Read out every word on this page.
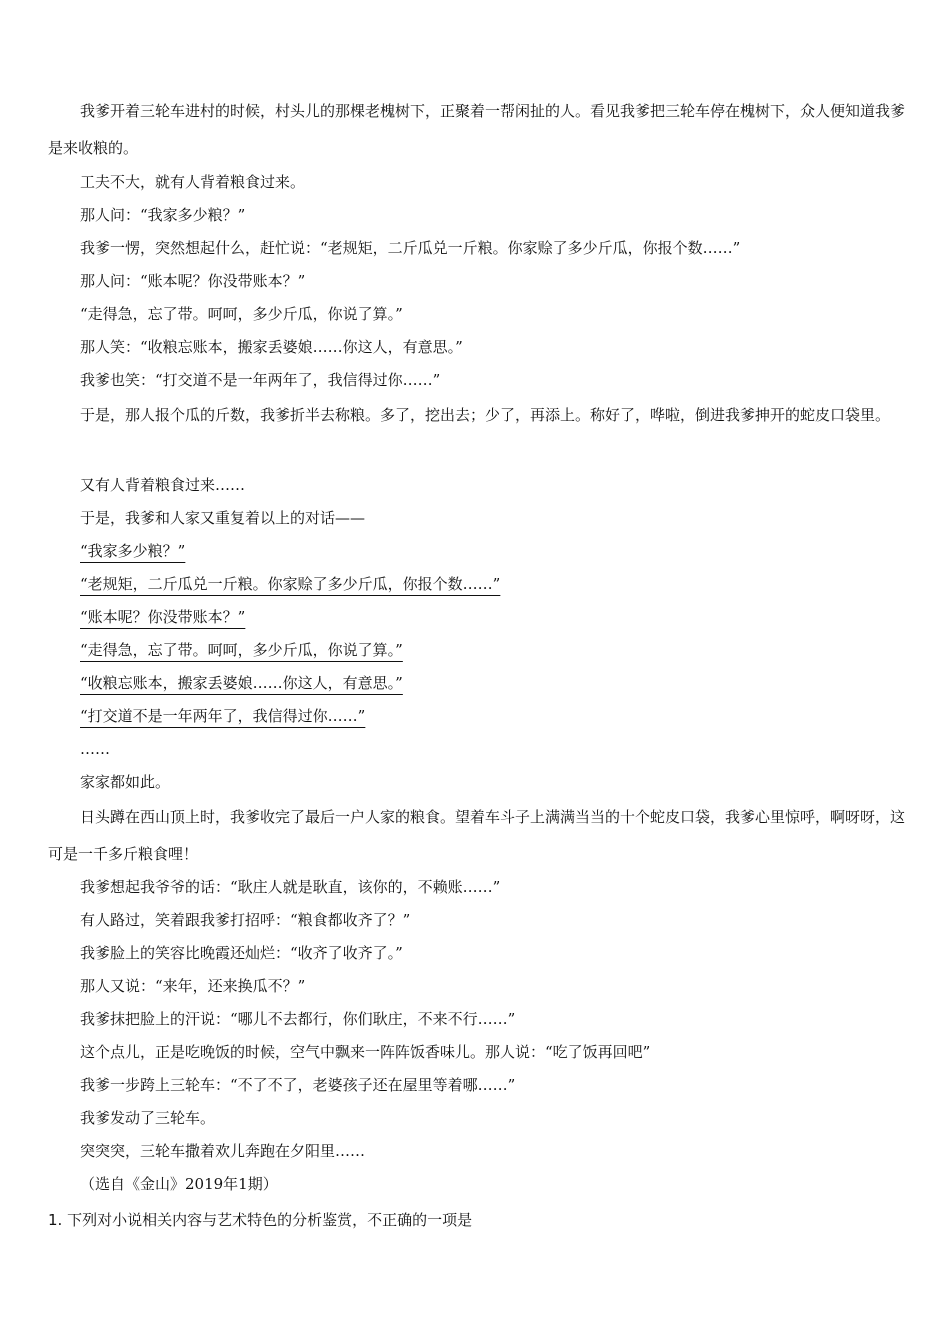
我爹开着三轮车进村的时候，村头儿的那棵老槐树下，正聚着一帮闲扯的人。看见我爹把三轮车停在槐树下，众人便知道我爹是来收粮的。

工夫不大，就有人背着粮食过来。

那人问：“我家多少粮？”

我爹一愣，突然想起什么，赶忙说：“老规矩，二斤瓜兑一斤粮。你家赊了多少斤瓜，你报个数……”

那人问：“账本呢？你没带账本？”

“走得急，忘了带。呵呵，多少斤瓜，你说了算。”

那人笑：“收粮忘账本，搬家丢婆娘……你这人，有意思。”

我爹也笑：“打交道不是一年两年了，我信得过你……”

于是，那人报个瓜的斤数，我爹折半去称粮。多了，挖出去；少了，再添上。称好了，哗啦，倒进我爹抻开的蛇皮口袋里。

又有人背着粮食过来……

于是，我爹和人家又重复着以上的对话——

“我家多少粮？”

“老规矩，二斤瓜兑一斤粮。你家赊了多少斤瓜，你报个数……”

“账本呢？你没带账本？”

“走得急，忘了带。呵呵，多少斤瓜，你说了算。”

“收粮忘账本，搬家丢婆娘……你这人，有意思。”

“打交道不是一年两年了，我信得过你……”

……

家家都如此。

日头蹲在西山顶上时，我爹收完了最后一户人家的粮食。望着车斗子上满满当当的十个蛇皮口袋，我爹心里惊呼，啊呀呀，这可是一千多斤粮食哩！

我爹想起我爷爷的话：“耿庄人就是耿直，该你的，不赖账……”

有人路过，笑着跟我爹打招呼：“粮食都收齐了？”

我爹脸上的笑容比晚霞还灿烂：“收齐了收齐了。”

那人又说：“来年，还来换瓜不？”

我爹抹把脸上的汗说：“哪儿不去都行，你们耿庄，不来不行……”

这个点儿，正是吃晚饭的时候，空气中飘来一阵阵饭香味儿。那人说：“吃了饭再回吧”

我爹一步跨上三轮车：“不了不了，老婆孩子还在屋里等着哪……”

我爹发动了三轮车。

突突突，三轮车撒着欢儿奔跑在夕阳里……

（选自《金山》2019年1期）

1. 下列对小说相关内容与艺术特色的分析鉴赏，不正确的一项是
